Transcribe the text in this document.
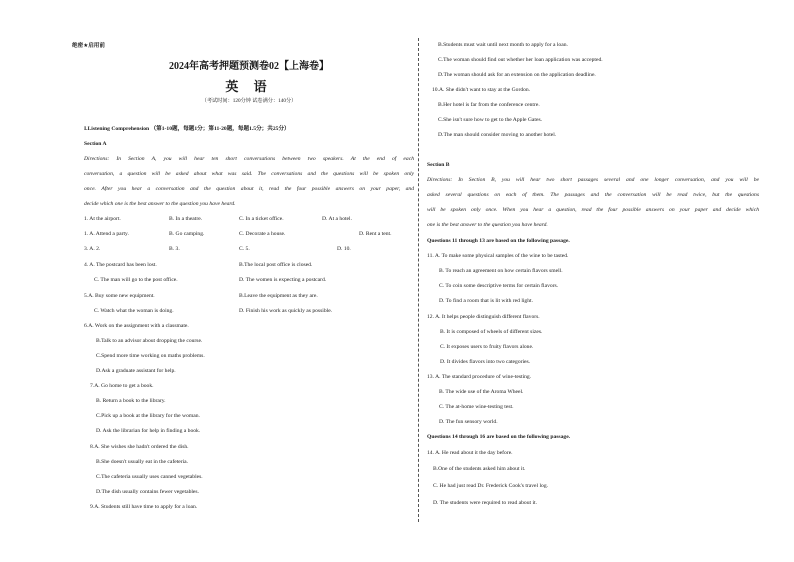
绝密★启用前
2024年高考押题预测卷02【上海卷】
英 语
（考试时间：120分钟 试卷满分：140分）
I.Listening Comprehension （第1-10题，每题1分；第11-20题，每题1.5分；共25分）
Section A
Directions: In Section A, you will hear ten short conversations between two speakers. At the end of each
conversation, a question will be asked about what was said. The conversations and the questions will be spoken only
once. After you hear a conversation and the question about it, read the four possible answers on your paper, and
decide which one is the best answer to the question you have heard.
1. At the airport.	B. In a theatre.	C. In a ticket office.	D. At a hotel.
1. A. Attend a party.	B. Go camping.	C. Decorate a house.	D. Rent a tent.
3. A. 2.	B. 3.	C. 5.	D. 10.
4. A. The postcard has been lost.	B.The local post office is closed.
C. The man will go to the post office.	D. The women is expecting a postcard.
5.A. Buy some new equipment.	B.Leave the equipment as they are.
C. Watch what the woman is doing.	D. Finish his work as quickly as possible.
6.A. Work on the assignment with a classmate.
B.Talk to an advisor about dropping the course.
C.Spend more time working on maths problems.
D.Ask a graduate assistant for help.
7.A. Go home to get a book.
B. Return a book to the library.
C.Pick up a book at the library for the woman.
D. Ask the librarian for help in finding a book.
8.A. She wishes she hadn't ordered the dish.
B.She doesn't usually eat in the cafeteria.
C.The cafeteria usually uses canned vegetables.
D.The dish usually contains fewer vegetables.
9.A. Students still have time to apply for a loan.
B.Students must wait until next month to apply for a loan.
C.The woman should find out whether her loan application was accepted.
D.The woman should ask for an extension on the application deadline.
10.A. She didn't want to stay at the Gordon.
B.Her hotel is far from the conference centre.
C.She isn't sure how to get to the Apple Gates.
D.The man should consider moving to another hotel.
Section B
Directions: In Section B, you will hear two short passages several and one longer conversation, and you will be
asked several questions on each of them. The passages and the conversation will be read twice, but the questions
will be spoken only once. When you hear a question, read the four possible answers on your paper and decide which
one is the best answer to the question you have heard.
Questions 11 through 13 are based on the following passage.
11. A. To make some physical samples of the wine to be tasted.
B. To reach an agreement on how certain flavors smell.
C. To coin some descriptive terms for certain flavors.
D. To find a room that is lit with red light.
12. A. It helps people distinguish different flavors.
B. It is composed of wheels of different sizes.
C. It exposes users to fruity flavors alone.
D. It divides flavors into two categories.
13. A. The standard procedure of wine-testing.
B. The wide use of the Aroma Wheel.
C. The at-home wine-testing test.
D. The fun sensory world.
Questions 14 through 16 are based on the following passage.
14. A. He read about it the day before.
B.One of the students asked him about it.
C. He had just read Dr. Frederick Cook's travel log.
D. The students were required to read about it.
